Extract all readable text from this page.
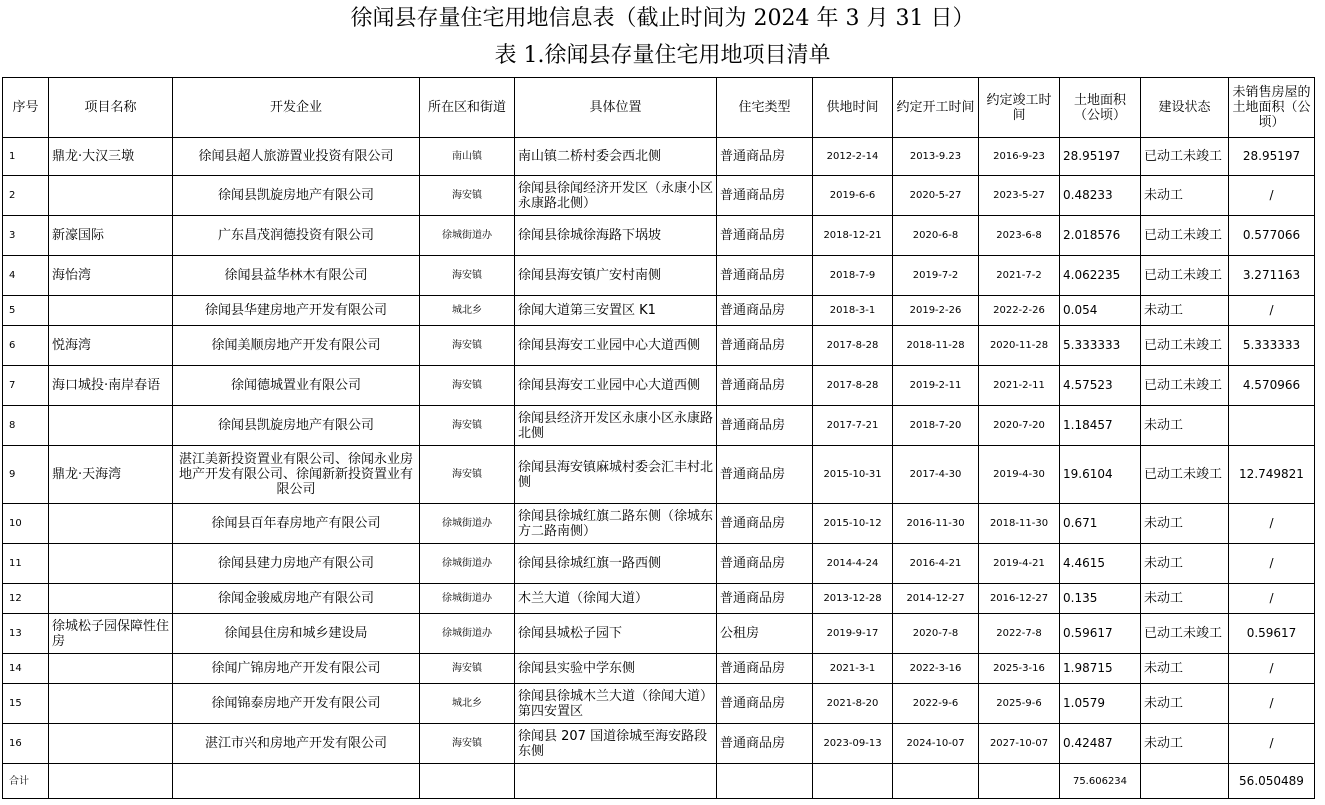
徐闻县存量住宅用地信息表（截止时间为 2024 年 3 月 31 日）
表 1.徐闻县存量住宅用地项目清单
序号	项目名称	开发企业	所在区和街道	具体位置	住宅类型	供地时间	约定开工时间	约定竣工时间	土地面积（公顷）	建设状态	未销售房屋的土地面积（公顷）
1	鼎龙·大汉三墩	徐闻县超人旅游置业投资有限公司	南山镇	南山镇二桥村委会西北侧	普通商品房	2012-2-14	2013-9.23	2016-9-23	28.95197	已动工未竣工	28.95197
2		徐闻县凯旋房地产有限公司	海安镇	徐闻县徐闻经济开发区（永康小区永康路北侧）	普通商品房	2019-6-6	2020-5-27	2023-5-27	0.48233	未动工	/
3	新濠国际	广东昌茂润德投资有限公司	徐城街道办	徐闻县徐城徐海路下埚坡	普通商品房	2018-12-21	2020-6-8	2023-6-8	2.018576	已动工未竣工	0.577066
4	海怡湾	徐闻县益华林木有限公司	海安镇	徐闻县海安镇广安村南侧	普通商品房	2018-7-9	2019-7-2	2021-7-2	4.062235	已动工未竣工	3.271163
5		徐闻县华建房地产开发有限公司	城北乡	徐闻大道第三安置区 K1	普通商品房	2018-3-1	2019-2-26	2022-2-26	0.054	未动工	/
6	悦海湾	徐闻美顺房地产开发有限公司	海安镇	徐闻县海安工业园中心大道西侧	普通商品房	2017-8-28	2018-11-28	2020-11-28	5.333333	已动工未竣工	5.333333
7	海口城投·南岸春语	徐闻德城置业有限公司	海安镇	徐闻县海安工业园中心大道西侧	普通商品房	2017-8-28	2019-2-11	2021-2-11	4.57523	已动工未竣工	4.570966
8		徐闻县凯旋房地产有限公司	海安镇	徐闻县经济开发区永康小区永康路北侧	普通商品房	2017-7-21	2018-7-20	2020-7-20	1.18457	未动工	
9	鼎龙·天海湾	湛江美新投资置业有限公司、徐闻永业房地产开发有限公司、徐闻新新投资置业有限公司	海安镇	徐闻县海安镇麻城村委会汇丰村北侧	普通商品房	2015-10-31	2017-4-30	2019-4-30	19.6104	已动工未竣工	12.749821
10		徐闻县百年春房地产有限公司	徐城街道办	徐闻县徐城红旗二路东侧（徐城东方二路南侧）	普通商品房	2015-10-12	2016-11-30	2018-11-30	0.671	未动工	/
11		徐闻县建力房地产有限公司	徐城街道办	徐闻县徐城红旗一路西侧	普通商品房	2014-4-24	2016-4-21	2019-4-21	4.4615	未动工	/
12		徐闻金骏威房地产有限公司	徐城街道办	木兰大道（徐闻大道）	普通商品房	2013-12-28	2014-12-27	2016-12-27	0.135	未动工	/
13	徐城松子园保障性住房	徐闻县住房和城乡建设局	徐城街道办	徐闻县城松子园下	公租房	2019-9-17	2020-7-8	2022-7-8	0.59617	已动工未竣工	0.59617
14		徐闻广锦房地产开发有限公司	海安镇	徐闻县实验中学东侧	普通商品房	2021-3-1	2022-3-16	2025-3-16	1.98715	未动工	/
15		徐闻锦泰房地产开发有限公司	城北乡	徐闻县徐城木兰大道（徐闻大道）第四安置区	普通商品房	2021-8-20	2022-9-6	2025-9-6	1.0579	未动工	/
16		湛江市兴和房地产开发有限公司	海安镇	徐闻县 207 国道徐城至海安路段东侧	普通商品房	2023-09-13	2024-10-07	2027-10-07	0.42487	未动工	/
合计									75.606234		56.050489
